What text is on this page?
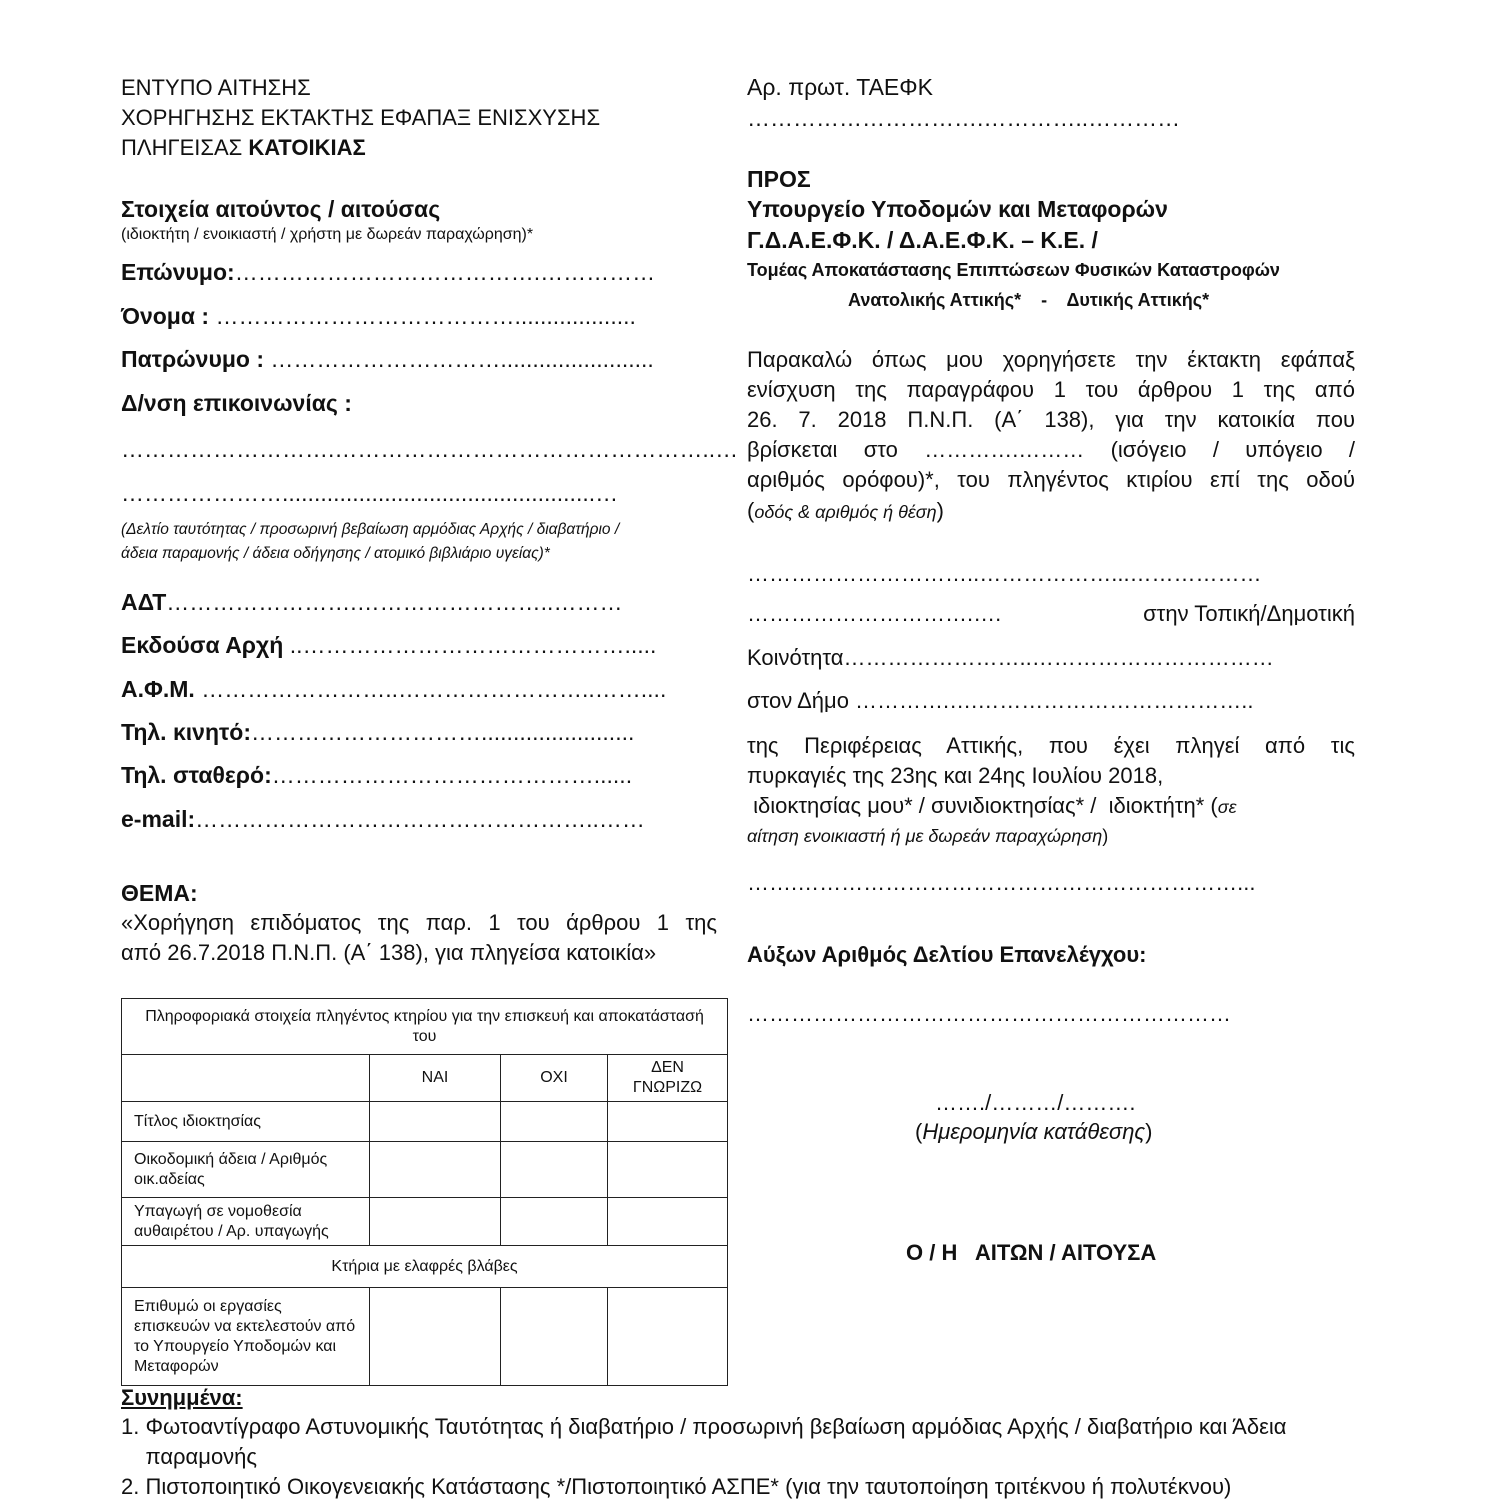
ΕΝΤΥΠΟ ΑΙΤΗΣΗΣ
ΧΟΡΗΓΗΣΗΣ ΕΚΤΑΚΤΗΣ ΕΦΑΠΑΞ ΕΝΙΣΧΥΣΗΣ
ΠΛΗΓΕΙΣΑΣ ΚΑΤΟΙΚΙΑΣ
Στοιχεία αιτούντος / αιτούσας
(ιδιοκτήτη / ενοικιαστή / χρήστη με δωρεάν παραχώρηση)*
Επώνυμο:………………………………….……………
Όνομα : …………………………………...................
Πατρώνυμο : …………………………........................
Δ/νση επικοινωνίας :
……………………….…………………………………………..…
………………….................................................…
(Δελτίο ταυτότητας / προσωρινή βεβαίωση αρμόδιας Αρχής / διαβατήριο /
άδεια παραμονής / άδεια οδήγησης / ατομικό βιβλιάριο υγείας)*
ΑΔΤ…………………….……………………..………
Εκδούσα Αρχή ..…………………………………….....
Α.Φ.Μ. ……………………..……………………..……....
Τηλ. κινητό:…………………………........................
Τηλ. σταθερό:……………………………………......
e-mail:……………………………………………..……
ΘΕΜΑ:
«Χορήγηση επιδόματος της παρ. 1 του άρθρου 1 της
από 26.7.2018 Π.Ν.Π. (Α΄ 138), για πληγείσα κατοικία»
Πληροφοριακά στοιχεία πληγέντος κτηρίου για την επισκευή και αποκατάστασή του			
	ΝΑΙ	ΟΧΙ	ΔΕΝ ΓΝΩΡΙΖΩ
Τίτλος ιδιοκτησίας			
Οικοδομική άδεια / Αριθμός οικ.αδείας			
Υπαγωγή σε νομοθεσία αυθαιρέτου / Αρ. υπαγωγής			
Κτήρια με ελαφρές βλάβες			
Επιθυμώ οι εργασίες επισκευών να εκτελεστούν από το Υπουργείο Υποδομών και Μεταφορών			
Συνημμένα:
1. Φωτοαντίγραφο Αστυνομικής Ταυτότητας ή διαβατήριο / προσωρινή βεβαίωση αρμόδιας Αρχής / διαβατήριο και Άδεια
παραμονής
2. Πιστοποιητικό Οικογενειακής Κατάστασης */Πιστοποιητικό ΑΣΠΕ* (για την ταυτοποίηση τριτέκνου ή πολυτέκνου)
Αρ. πρωτ. ΤΑΕΦΚ
………………………….…………..…………
ΠΡΟΣ
Υπουργείο Υποδομών και Μεταφορών
Γ.Δ.Α.Ε.Φ.Κ. / Δ.Α.Ε.Φ.Κ. – Κ.Ε. /
Τομέας Αποκατάστασης Επιπτώσεων Φυσικών Καταστροφών
Ανατολικής Αττικής*    -    Δυτικής Αττικής*
Παρακαλώ όπως μου χορηγήσετε την έκτακτη εφάπαξ
ενίσχυση της παραγράφου 1 του άρθρου 1 της από
26. 7. 2018 Π.Ν.Π. (Α΄ 138), για την κατοικία που
βρίσκεται στο ………….……… (ισόγειο / υπόγειο /
αριθμός ορόφου)*, του πληγέντος κτιρίου επί της οδού
(οδός & αριθμός ή θέση)
…………………………..………………...………………
………………………….….	στην Τοπική/Δημοτική
Κοινότητα……………………..……………………………
στον Δήμο ………….….………………………………..
της Περιφέρειας Αττικής, που έχει πληγεί από τις
πυρκαγιές της 23ης και 24ης Ιουλίου 2018,
ιδιοκτησίας μου* / συνιδιοκτησίας* /  ιδιοκτήτη* (σε
αίτηση ενοικιαστή ή με δωρεάν παραχώρηση)
…….……………………………………………………...
Αύξων Αριθμός Δελτίου Επανελέγχου:
…………………………………………………………
……./………/……….
(Ημερομηνία κατάθεσης)
Ο / Η   ΑΙΤΩΝ / ΑΙΤΟΥΣΑ
